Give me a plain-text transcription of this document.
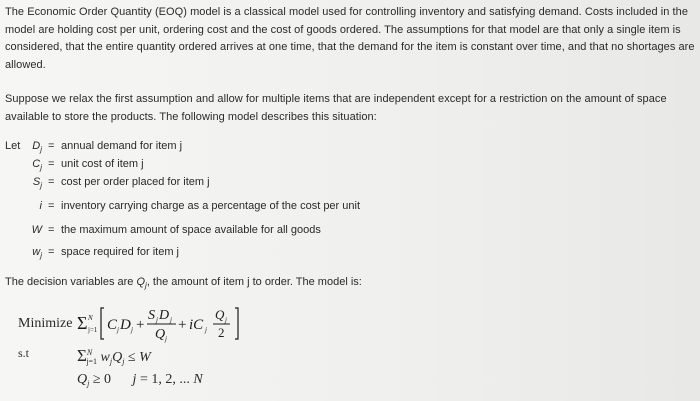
The Economic Order Quantity (EOQ) model is a classical model used for controlling inventory and satisfying demand. Costs included in the model are holding cost per unit, ordering cost and the cost of goods ordered. The assumptions for that model are that only a single item is considered, that the entire quantity ordered arrives at one time, that the demand for the item is constant over time, and that no shortages are allowed.

Suppose we relax the first assumption and allow for multiple items that are independent except for a restriction on the amount of space available to store the products. The following model describes this situation:

Let	$D_j$ = annual demand for item j
$C_j$ = unit cost of item j
$S_j = \cos t$ per order placed for item j
i = inventory carrying charge as a percentage of the cost per unit
W = the maximum amount of space available for all goods
$w_j$ = space required for item j
The decision variables are $Q_j$, the amount of item j to order. The model is:
Minimize Σ N
j=1 C j D j +
S j D j
Q j
+ iC j
Q j
2
s.t	$\Sigma^N_{j=1}$ $w_jQ_j \le W$
$Q_j \ge 0$ j = 1, 2, ... N
